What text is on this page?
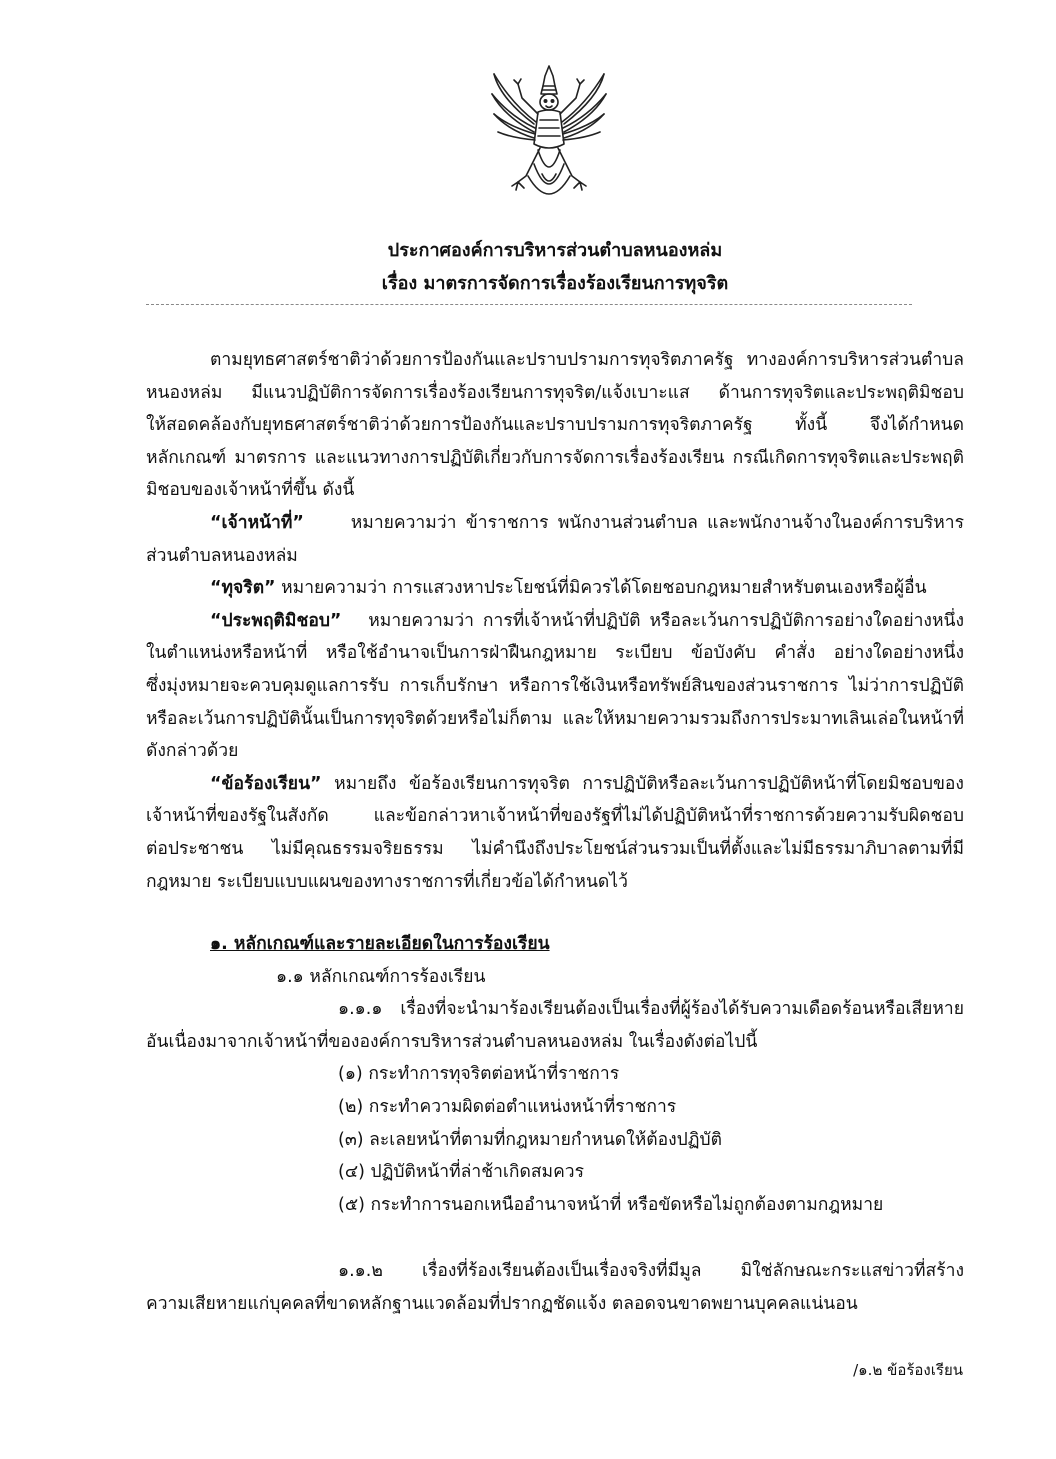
ประกาศองค์การบริหารส่วนตำบลหนองหล่ม
เรื่อง มาตรการจัดการเรื่องร้องเรียนการทุจริต
ตามยุทธศาสตร์ชาติว่าด้วยการป้องกันและปราบปรามการทุจริตภาครัฐ ทางองค์การบริหารส่วนตำบล
หนองหล่ม มีแนวปฏิบัติการจัดการเรื่องร้องเรียนการทุจริต/แจ้งเบาะแส ด้านการทุจริตและประพฤติมิชอบ
ให้สอดคล้องกับยุทธศาสตร์ชาติว่าด้วยการป้องกันและปราบปรามการทุจริตภาครัฐ ทั้งนี้ จึงได้กำหนด
หลักเกณฑ์ มาตรการ และแนวทางการปฏิบัติเกี่ยวกับการจัดการเรื่องร้องเรียน กรณีเกิดการทุจริตและประพฤติ
มิชอบของเจ้าหน้าที่ขึ้น ดังนี้
“เจ้าหน้าที่”	หมายความว่า ข้าราชการ พนักงานส่วนตำบล และพนักงานจ้างในองค์การบริหาร
ส่วนตำบลหนองหล่ม
“ทุจริต” หมายความว่า การแสวงหาประโยชน์ที่มิควรได้โดยชอบกฎหมายสำหรับตนเองหรือผู้อื่น
“ประพฤติมิชอบ” หมายความว่า การที่เจ้าหน้าที่ปฏิบัติ หรือละเว้นการปฏิบัติการอย่างใดอย่างหนึ่ง
ในตำแหน่งหรือหน้าที่ หรือใช้อำนาจเป็นการฝ่าฝืนกฎหมาย ระเบียบ ข้อบังคับ คำสั่ง อย่างใดอย่างหนึ่ง
ซึ่งมุ่งหมายจะควบคุมดูแลการรับ การเก็บรักษา หรือการใช้เงินหรือทรัพย์สินของส่วนราชการ ไม่ว่าการปฏิบัติ
หรือละเว้นการปฏิบัตินั้นเป็นการทุจริตด้วยหรือไม่ก็ตาม และให้หมายความรวมถึงการประมาทเลินเล่อในหน้าที่
ดังกล่าวด้วย
“ข้อร้องเรียน” หมายถึง ข้อร้องเรียนการทุจริต การปฏิบัติหรือละเว้นการปฏิบัติหน้าที่โดยมิชอบของ
เจ้าหน้าที่ของรัฐในสังกัด และข้อกล่าวหาเจ้าหน้าที่ของรัฐที่ไม่ได้ปฏิบัติหน้าที่ราชการด้วยความรับผิดชอบ
ต่อประชาชน ไม่มีคุณธรรมจริยธรรม ไม่คำนึงถึงประโยชน์ส่วนรวมเป็นที่ตั้งและไม่มีธรรมาภิบาลตามที่มี
กฎหมาย ระเบียบแบบแผนของทางราชการที่เกี่ยวข้อได้กำหนดไว้
๑. หลักเกณฑ์และรายละเอียดในการร้องเรียน
๑.๑ หลักเกณฑ์การร้องเรียน
๑.๑.๑ เรื่องที่จะนำมาร้องเรียนต้องเป็นเรื่องที่ผู้ร้องได้รับความเดือดร้อนหรือเสียหาย
อันเนื่องมาจากเจ้าหน้าที่ขององค์การบริหารส่วนตำบลหนองหล่ม ในเรื่องดังต่อไปนี้
(๑) กระทำการทุจริตต่อหน้าที่ราชการ
(๒) กระทำความผิดต่อตำแหน่งหน้าที่ราชการ
(๓) ละเลยหน้าที่ตามที่กฎหมายกำหนดให้ต้องปฏิบัติ
(๔) ปฏิบัติหน้าที่ล่าช้าเกิดสมควร
(๕) กระทำการนอกเหนืออำนาจหน้าที่ หรือขัดหรือไม่ถูกต้องตามกฎหมาย
๑.๑.๒ เรื่องที่ร้องเรียนต้องเป็นเรื่องจริงที่มีมูล มิใช่ลักษณะกระแสข่าวที่สร้าง
ความเสียหายแก่บุคคลที่ขาดหลักฐานแวดล้อมที่ปรากฏชัดแจ้ง ตลอดจนขาดพยานบุคคลแน่นอน
/๑.๒ ข้อร้องเรียน
